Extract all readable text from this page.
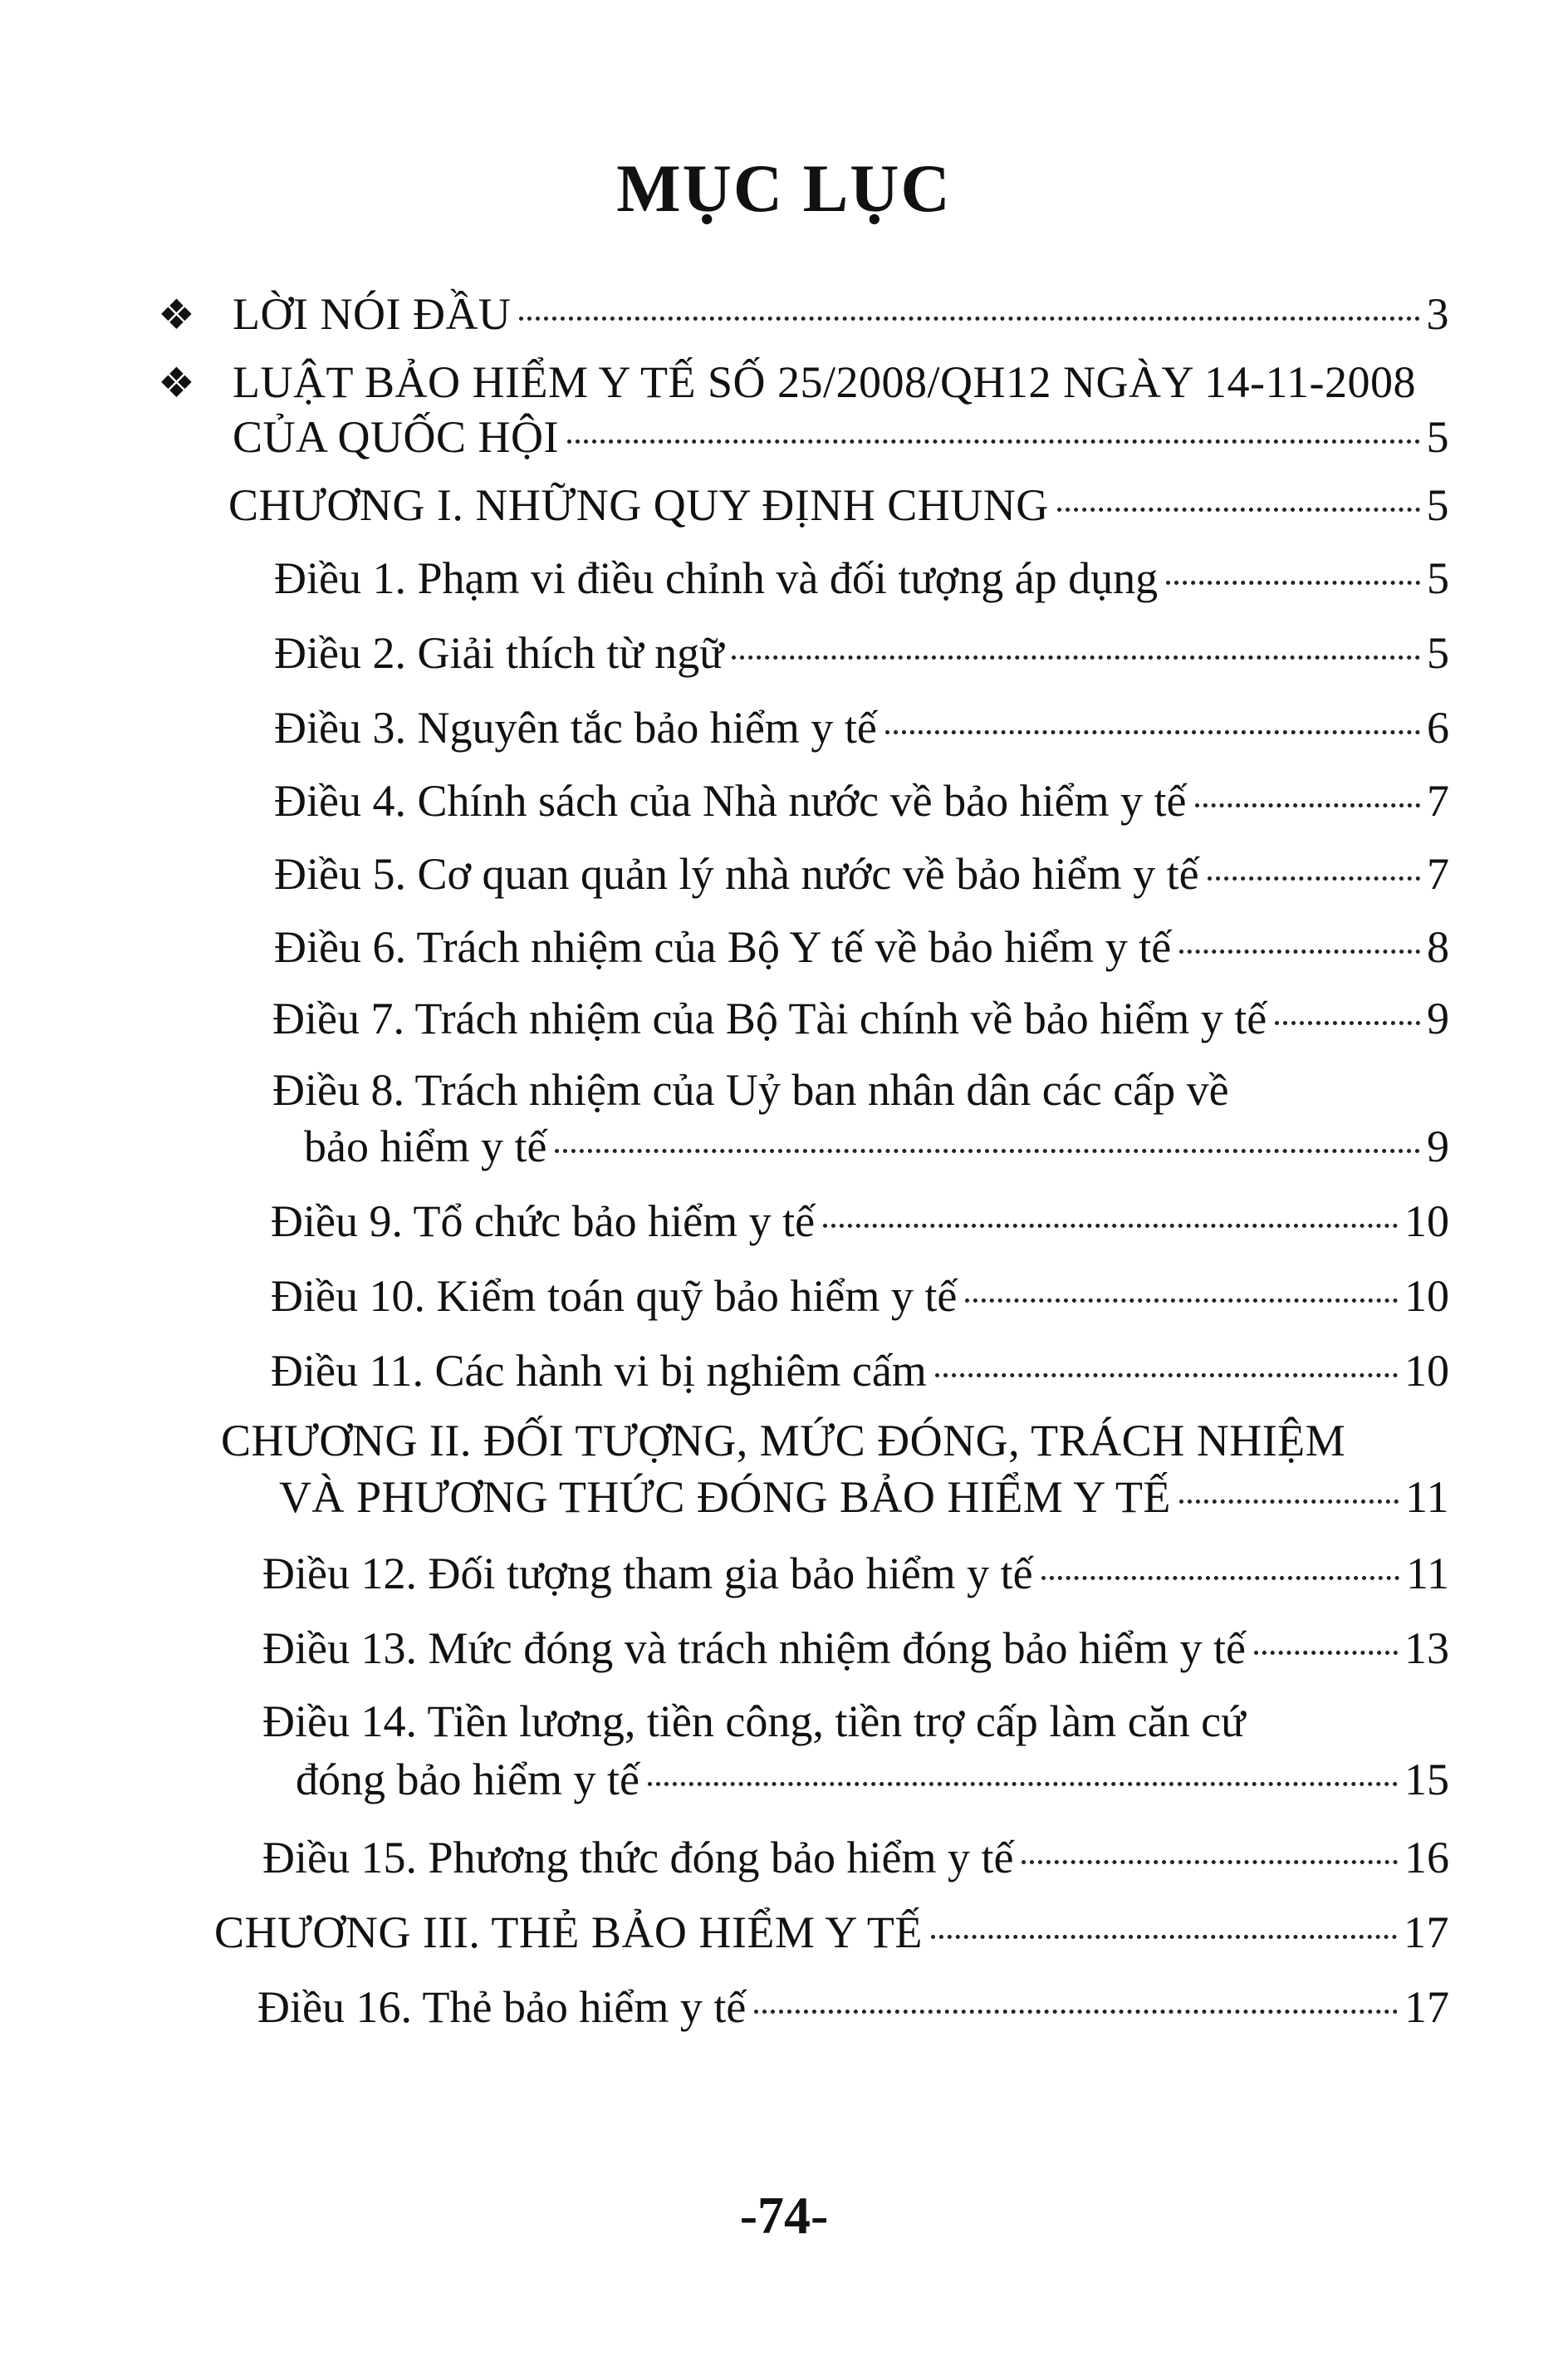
MỤC LỤC
❖ LỜI NÓI ĐẦU	3
❖ LUẬT BẢO HIỂM Y TẾ SỐ 25/2008/QH12 NGÀY 14-11-2008
CỦA QUỐC HỘI	5
CHƯƠNG I. NHỮNG QUY ĐỊNH CHUNG	5
Điều 1. Phạm vi điều chỉnh và đối tượng áp dụng	5
Điều 2. Giải thích từ ngữ	5
Điều 3. Nguyên tắc bảo hiểm y tế	6
Điều 4. Chính sách của Nhà nước về bảo hiểm y tế	7
Điều 5. Cơ quan quản lý nhà nước về bảo hiểm y tế	7
Điều 6. Trách nhiệm của Bộ Y tế về bảo hiểm y tế	8
Điều 7. Trách nhiệm của Bộ Tài chính về bảo hiểm y tế	9
Điều 8. Trách nhiệm của Uỷ ban nhân dân các cấp về
bảo hiểm y tế	9
Điều 9. Tổ chức bảo hiểm y tế	10
Điều 10. Kiểm toán quỹ bảo hiểm y tế	10
Điều 11. Các hành vi bị nghiêm cấm	10
CHƯƠNG II. ĐỐI TƯỢNG, MỨC ĐÓNG, TRÁCH NHIỆM
VÀ PHƯƠNG THỨC ĐÓNG BẢO HIỂM Y TẾ	11
Điều 12. Đối tượng tham gia bảo hiểm y tế	11
Điều 13. Mức đóng và trách nhiệm đóng bảo hiểm y tế	13
Điều 14. Tiền lương, tiền công, tiền trợ cấp làm căn cứ
đóng bảo hiểm y tế	15
Điều 15. Phương thức đóng bảo hiểm y tế	16
CHƯƠNG III. THẺ BẢO HIỂM Y TẾ	17
Điều 16. Thẻ bảo hiểm y tế	17
-74-
